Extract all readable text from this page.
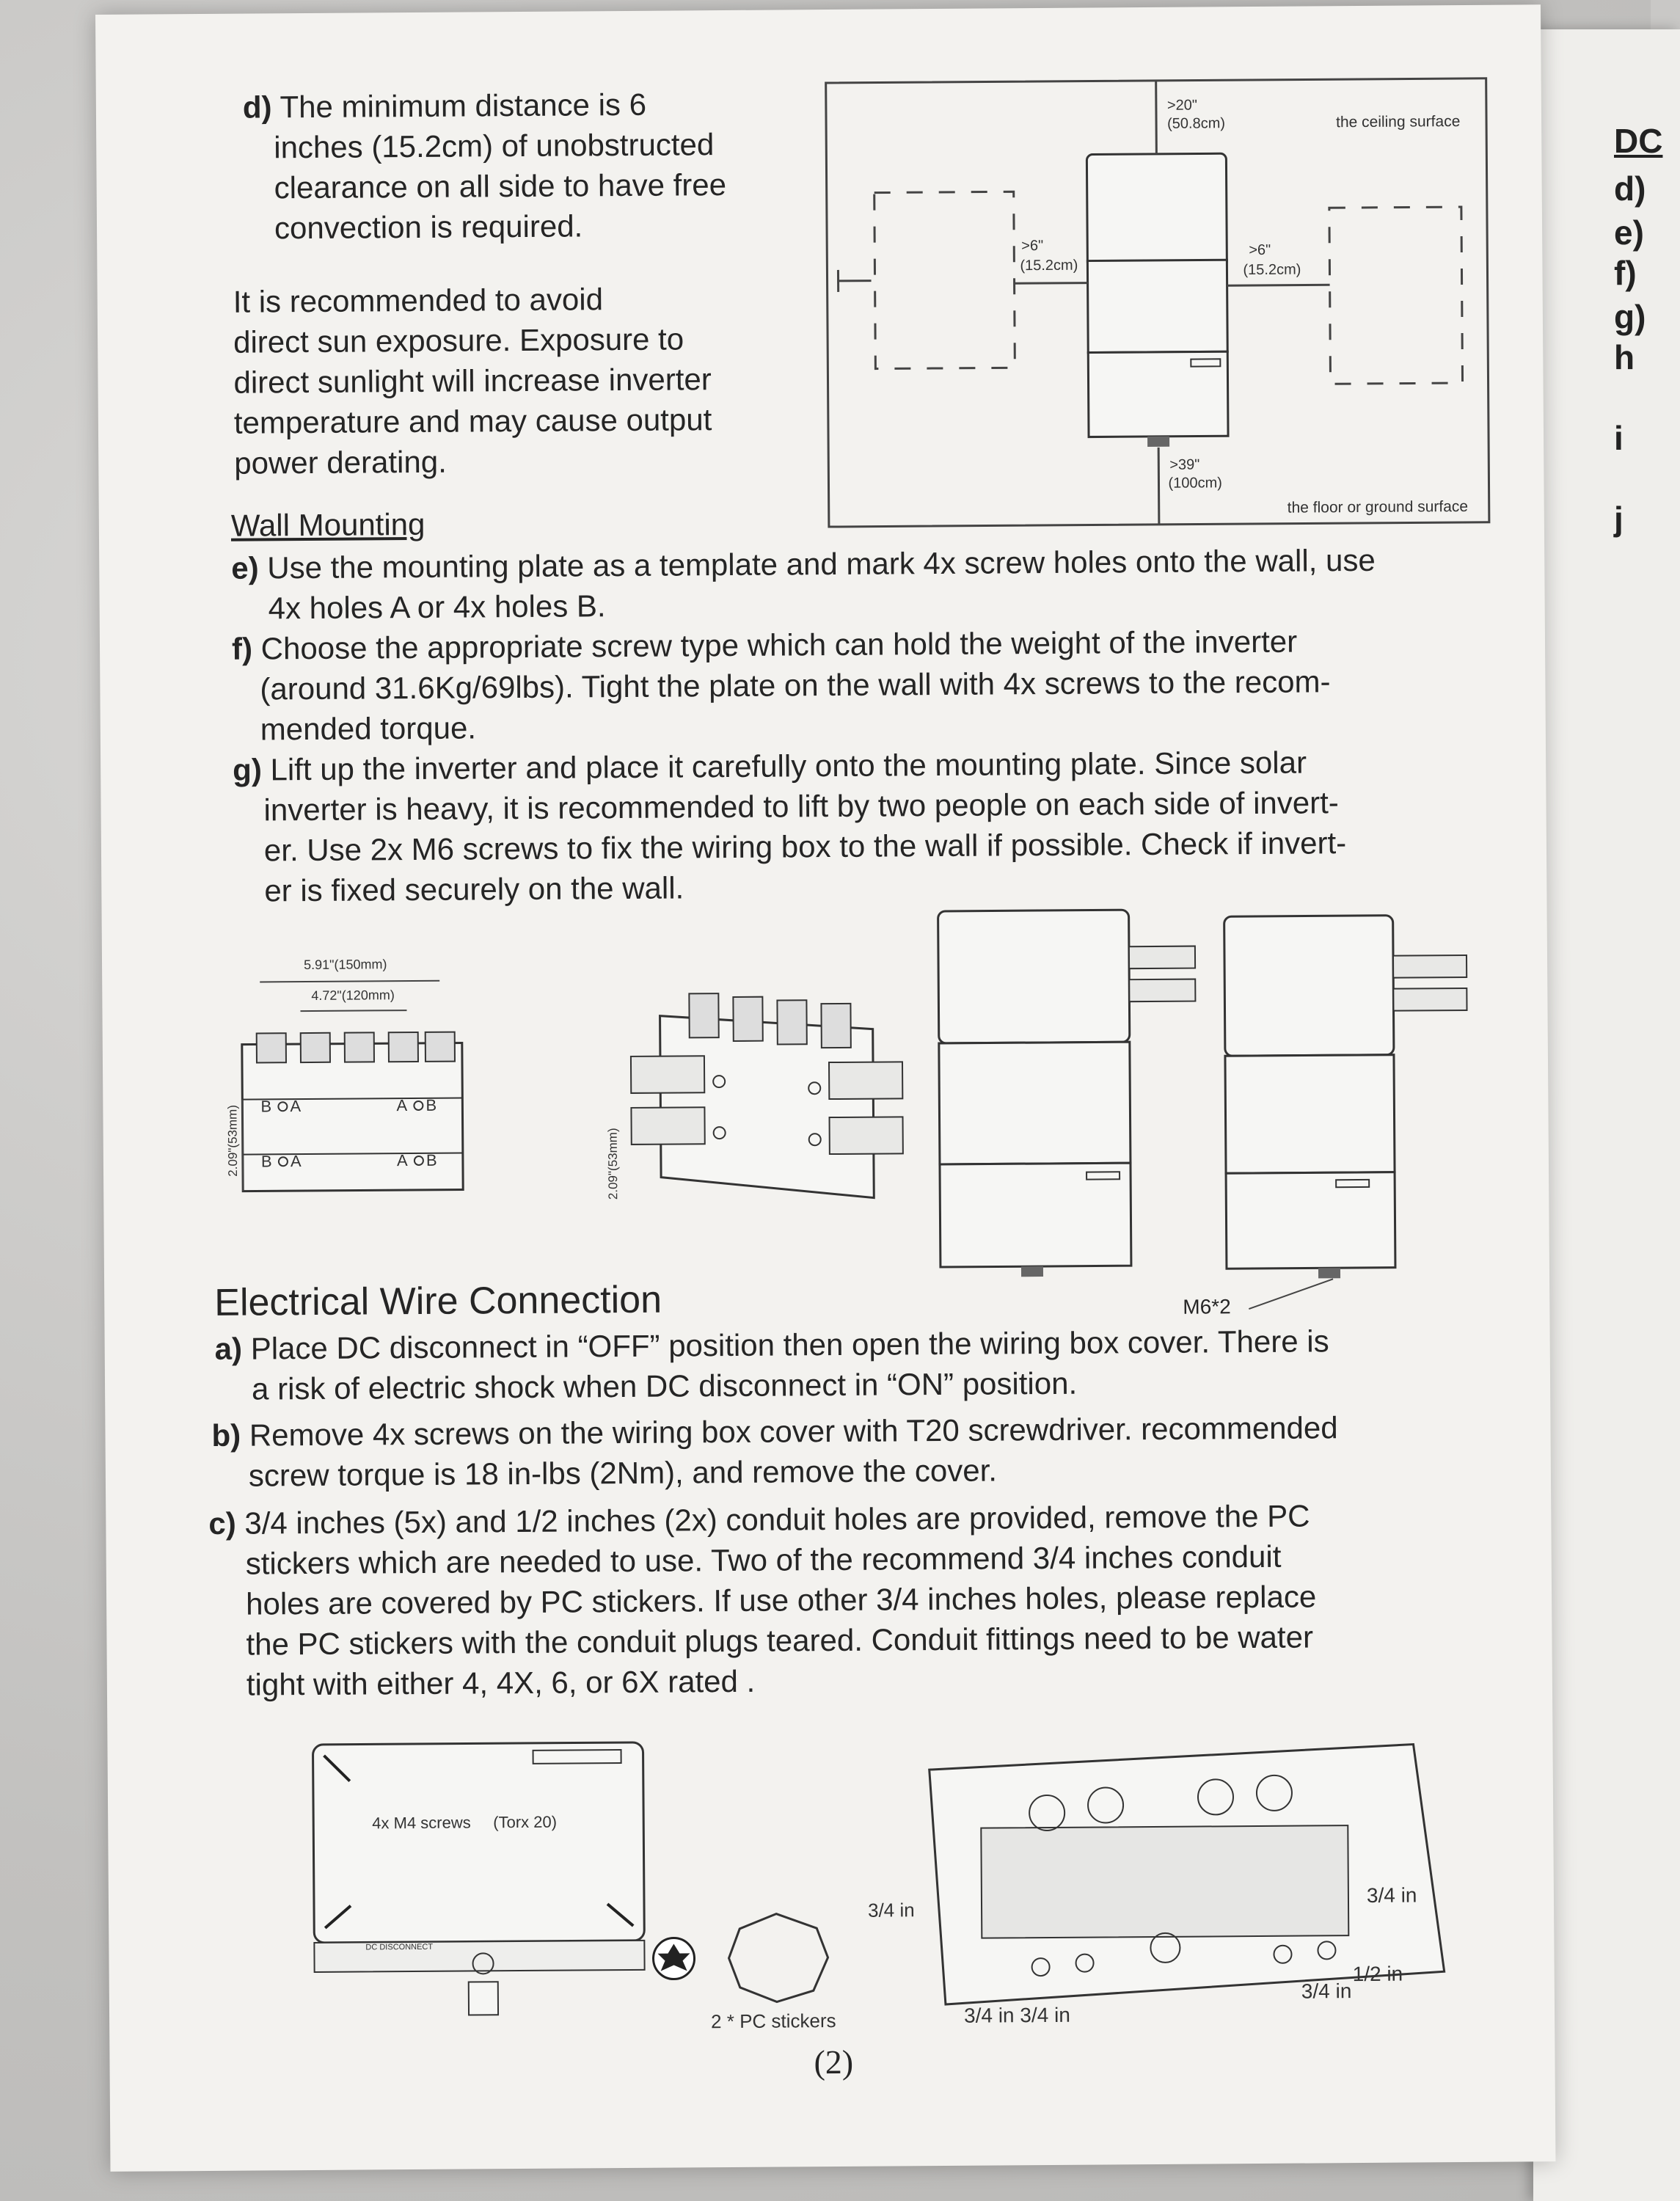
DC
d)
e)
f)
g)
h
i
j
d) The minimum distance is 6
inches (15.2cm) of unobstructed
clearance on all side to have free
convection is required.
It is recommended to avoid
direct sun exposure. Exposure to
direct sunlight will increase inverter
temperature and may cause output
power derating.
>20"
(50.8cm)
>6"
(15.2cm)
>6"
(15.2cm)
>39"
(100cm)
the ceiling surface
the floor or ground surface
Wall Mounting
e) Use the mounting plate as a template and mark 4x screw holes onto the wall, use
4x holes A or 4x holes B.
f) Choose the appropriate screw type which can hold the weight of the inverter
(around 31.6Kg/69lbs). Tight the plate on the wall with 4x screws to the recom-
mended torque.
g) Lift up the inverter and place it carefully onto the mounting plate. Since solar
inverter is heavy, it is recommended to lift by two people on each side of invert-
er. Use 2x M6 screws to fix the wiring box to the wall if possible. Check if invert-
er is fixed securely on the wall.
5.91"(150mm)
4.72"(120mm)
B A	A B
B A	A B
2.09"(53mm)	2.09"(53mm)
Electrical Wire Connection	M6*2
a) Place DC disconnect in “OFF” position then open the wiring box cover. There is
a risk of electric shock when DC disconnect in “ON” position.
b) Remove 4x screws on the wiring box cover with T20 screwdriver. recommended
screw torque is 18 in-lbs (2Nm), and remove the cover.
c) 3/4 inches (5x) and 1/2 inches (2x) conduit holes are provided, remove the PC
stickers which are needed to use. Two of the recommend 3/4 inches conduit
holes are covered by PC stickers. If use other 3/4 inches holes, please replace
the PC stickers with the conduit plugs teared. Conduit fittings need to be water
tight with either 4, 4X, 6, or 6X rated .
4x M4 screws (Torx 20)
DC DISCONNECT
2 * PC stickers
3/4 in
3/4 in 3/4 in
3/4 in
3/4 in
1/2 in
(2)
